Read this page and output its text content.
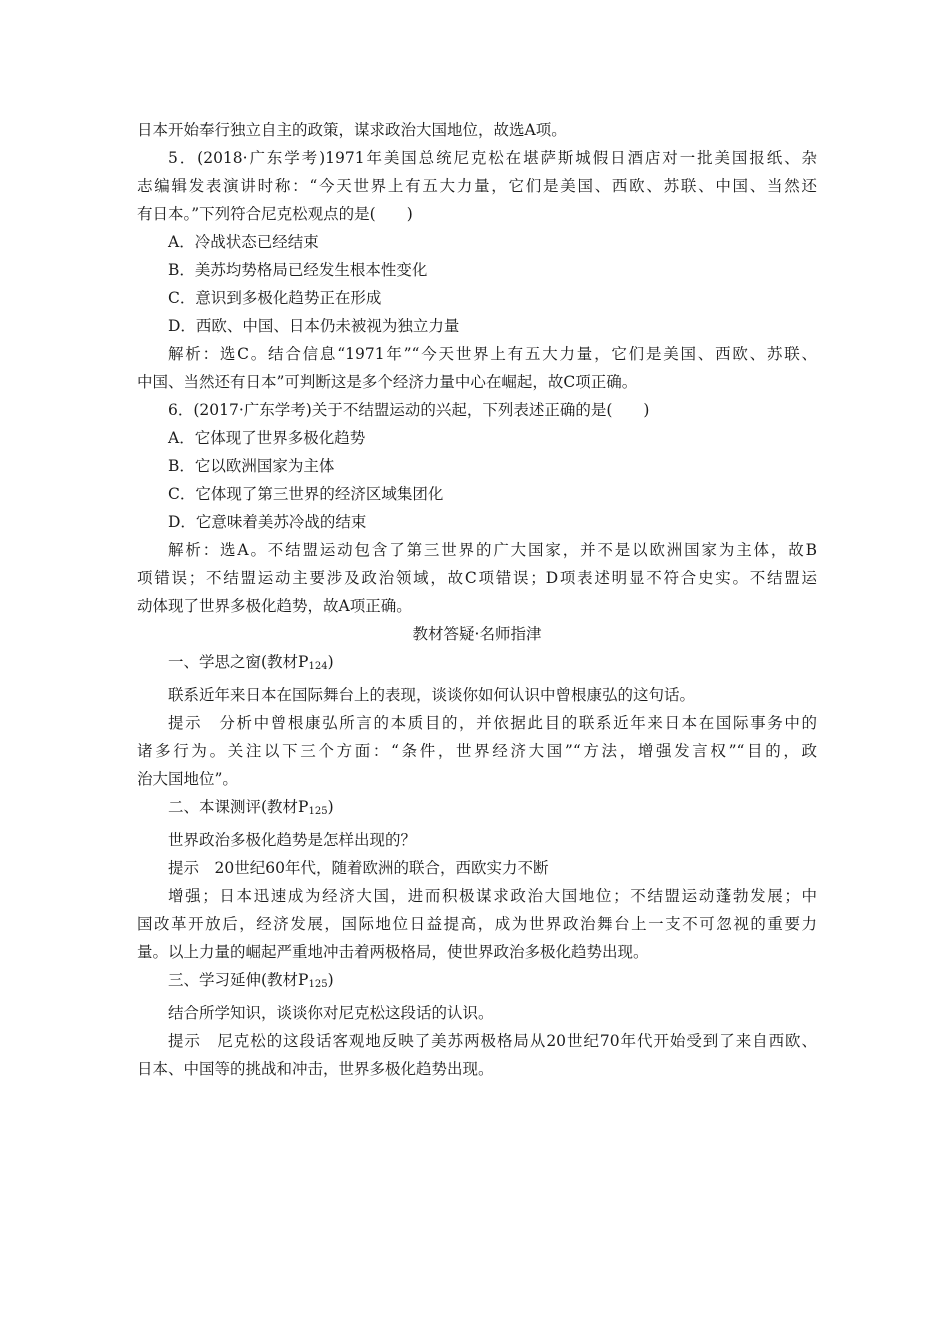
日本开始奉行独立自主的政策，谋求政治大国地位，故选A项。
5．(2018·广东学考)1971年美国总统尼克松在堪萨斯城假日酒店对一批美国报纸、杂
志编辑发表演讲时称：“今天世界上有五大力量，它们是美国、西欧、苏联、中国、当然还
有日本。”下列符合尼克松观点的是(　　)
A．冷战状态已经结束
B．美苏均势格局已经发生根本性变化
C．意识到多极化趋势正在形成
D．西欧、中国、日本仍未被视为独立力量
解析：选C。结合信息“1971年”“今天世界上有五大力量，它们是美国、西欧、苏联、
中国、当然还有日本”可判断这是多个经济力量中心在崛起，故C项正确。
6．(2017·广东学考)关于不结盟运动的兴起，下列表述正确的是(　　)
A．它体现了世界多极化趋势
B．它以欧洲国家为主体
C．它体现了第三世界的经济区域集团化
D．它意味着美苏冷战的结束
解析：选A。不结盟运动包含了第三世界的广大国家，并不是以欧洲国家为主体，故B
项错误；不结盟运动主要涉及政治领域，故C项错误；D项表述明显不符合史实。不结盟运
动体现了世界多极化趋势，故A项正确。
教材答疑·名师指津
一、学思之窗(教材$P_{124}$)
联系近年来日本在国际舞台上的表现，谈谈你如何认识中曾根康弘的这句话。
提示　分析中曾根康弘所言的本质目的，并依据此目的联系近年来日本在国际事务中的
诸多行为。关注以下三个方面：“条件，世界经济大国”“方法，增强发言权”“目的，政
治大国地位”。
二、本课测评(教材$P_{125}$)
世界政治多极化趋势是怎样出现的？
提示　20世纪60年代，随着欧洲的联合，西欧实力不断
增强；日本迅速成为经济大国，进而积极谋求政治大国地位；不结盟运动蓬勃发展；中
国改革开放后，经济发展，国际地位日益提高，成为世界政治舞台上一支不可忽视的重要力
量。以上力量的崛起严重地冲击着两极格局，使世界政治多极化趋势出现。
三、学习延伸(教材$P_{125}$)
结合所学知识，谈谈你对尼克松这段话的认识。
提示　尼克松的这段话客观地反映了美苏两极格局从20世纪70年代开始受到了来自西欧、
日本、中国等的挑战和冲击，世界多极化趋势出现。
